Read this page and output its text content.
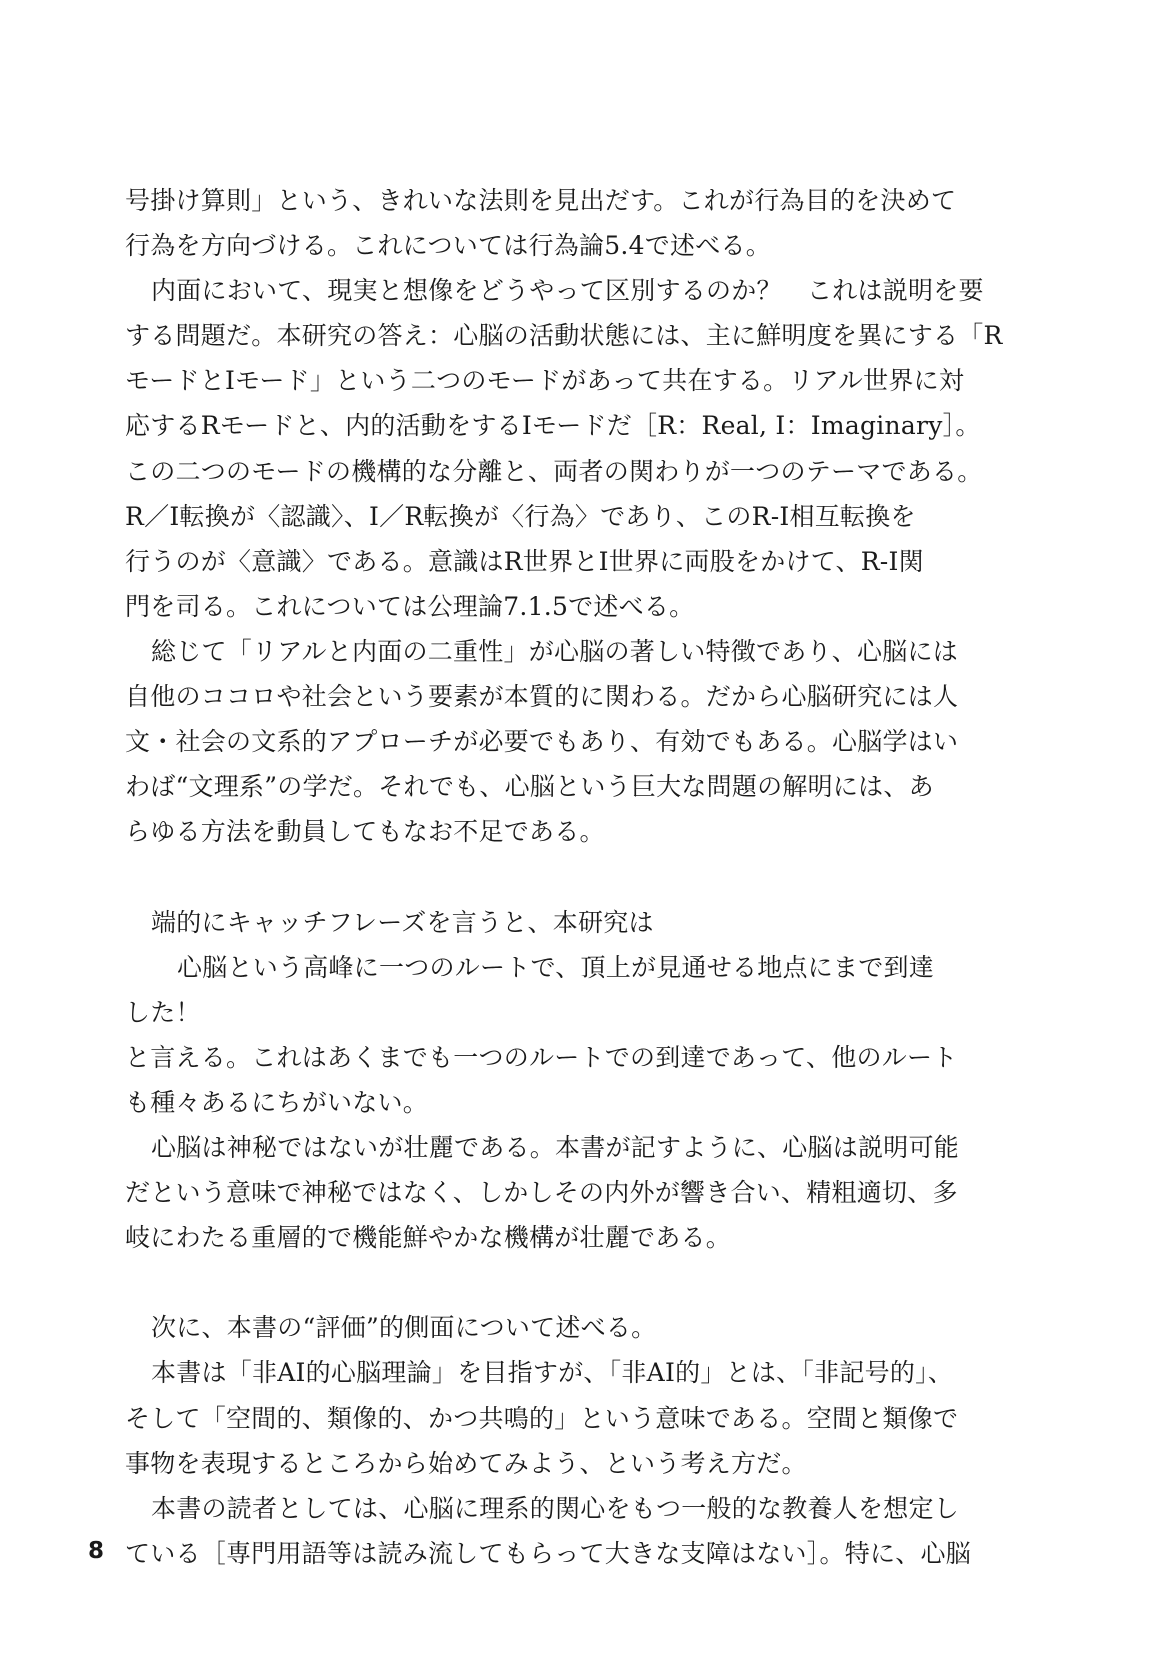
号掛け算則」という、きれいな法則を見出だす。これが行為目的を決めて
行為を方向づける。これについては行為論5.4で述べる。
内面において、現実と想像をどうやって区別するのか？　これは説明を要
する問題だ。本研究の答え：心脳の活動状態には、主に鮮明度を異にする「R
モードとIモード」という二つのモードがあって共在する。リアル世界に対
応するRモードと、内的活動をするIモードだ［R：Real, I：Imaginary］。
この二つのモードの機構的な分離と、両者の関わりが一つのテーマである。
R／I転換が〈認識〉、I／R転換が〈行為〉であり、このR‐I相互転換を
行うのが〈意識〉である。意識はR世界とI世界に両股をかけて、R‐I関
門を司る。これについては公理論7.1.5で述べる。
総じて「リアルと内面の二重性」が心脳の著しい特徴であり、心脳には
自他のココロや社会という要素が本質的に関わる。だから心脳研究には人
文・社会の文系的アプローチが必要でもあり、有効でもある。心脳学はい
わば“文理系”の学だ。それでも、心脳という巨大な問題の解明には、あ
らゆる方法を動員してもなお不足である。
端的にキャッチフレーズを言うと、本研究は
心脳という高峰に一つのルートで、頂上が見通せる地点にまで到達
した！
と言える。これはあくまでも一つのルートでの到達であって、他のルート
も種々あるにちがいない。
心脳は神秘ではないが壮麗である。本書が記すように、心脳は説明可能
だという意味で神秘ではなく、しかしその内外が響き合い、精粗適切、多
岐にわたる重層的で機能鮮やかな機構が壮麗である。
次に、本書の“評価”的側面について述べる。
本書は「非AI的心脳理論」を目指すが、「非AI的」とは、「非記号的」、
そして「空間的、類像的、かつ共鳴的」という意味である。空間と類像で
事物を表現するところから始めてみよう、という考え方だ。
本書の読者としては、心脳に理系的関心をもつ一般的な教養人を想定し
ている［専門用語等は読み流してもらって大きな支障はない］。特に、心脳
8
